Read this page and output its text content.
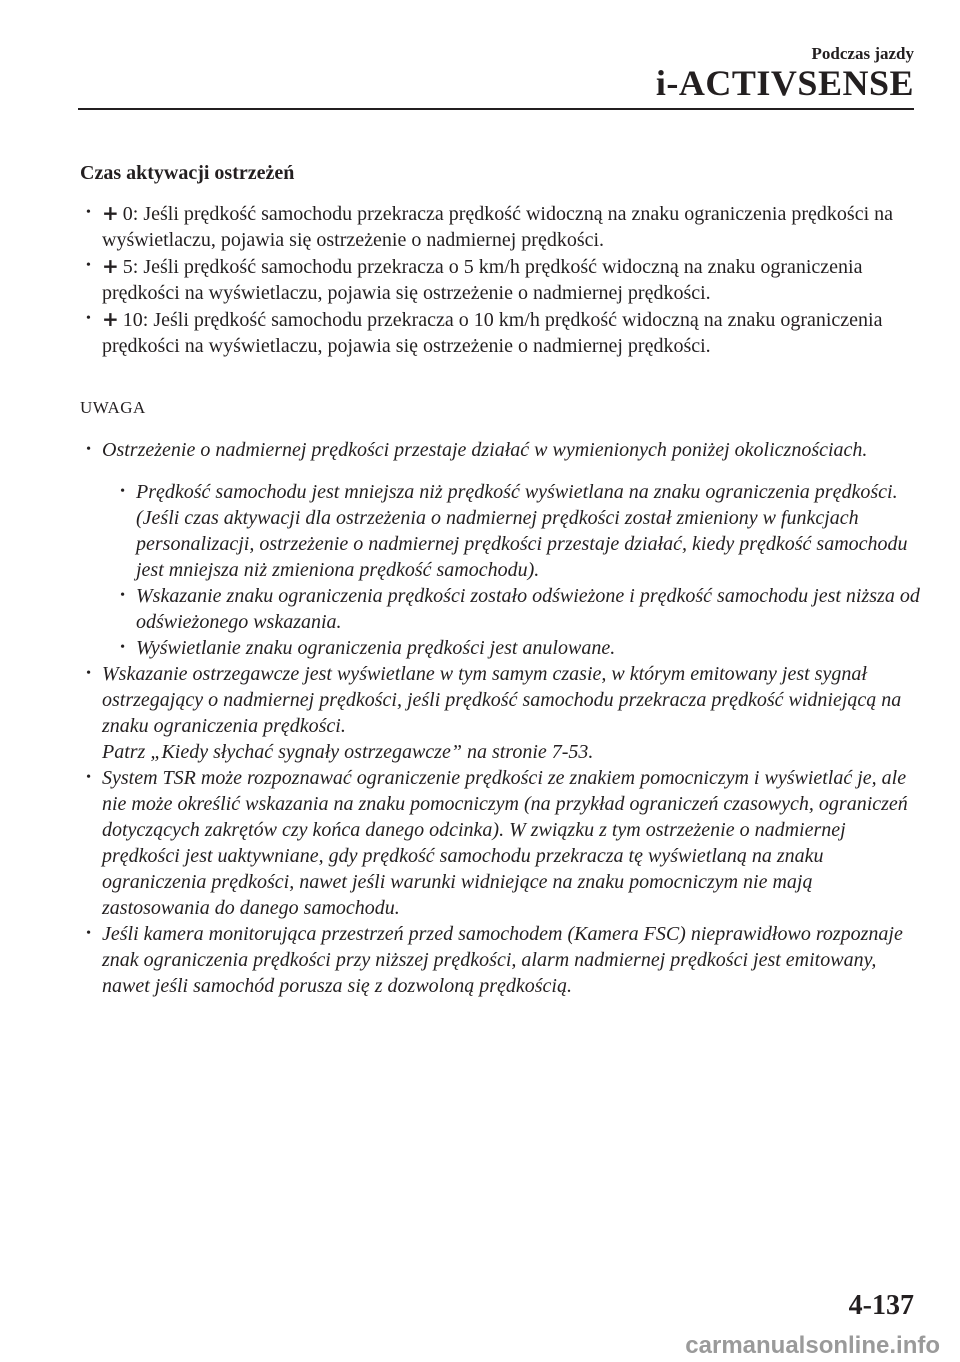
Podczas jazdy
i-ACTIVSENSE
Czas aktywacji ostrzeżeń
• + 0: Jeśli prędkość samochodu przekracza prędkość widoczną na znaku ograniczenia prędkości na wyświetlaczu, pojawia się ostrzeżenie o nadmiernej prędkości.
• + 5: Jeśli prędkość samochodu przekracza o 5 km/h prędkość widoczną na znaku ograniczenia prędkości na wyświetlaczu, pojawia się ostrzeżenie o nadmiernej prędkości.
• + 10: Jeśli prędkość samochodu przekracza o 10 km/h prędkość widoczną na znaku ograniczenia prędkości na wyświetlaczu, pojawia się ostrzeżenie o nadmiernej prędkości.
UWAGA
• Ostrzeżenie o nadmiernej prędkości przestaje działać w wymienionych poniżej okolicznościach.
• Prędkość samochodu jest mniejsza niż prędkość wyświetlana na znaku ograniczenia prędkości. (Jeśli czas aktywacji dla ostrzeżenia o nadmiernej prędkości został zmieniony w funkcjach personalizacji, ostrzeżenie o nadmiernej prędkości przestaje działać, kiedy prędkość samochodu jest mniejsza niż zmieniona prędkość samochodu).
• Wskazanie znaku ograniczenia prędkości zostało odświeżone i prędkość samochodu jest niższa od odświeżonego wskazania.
• Wyświetlanie znaku ograniczenia prędkości jest anulowane.
• Wskazanie ostrzegawcze jest wyświetlane w tym samym czasie, w którym emitowany jest sygnał ostrzegający o nadmiernej prędkości, jeśli prędkość samochodu przekracza prędkość widniejącą na znaku ograniczenia prędkości.
Patrz „Kiedy słychać sygnały ostrzegawcze” na stronie 7-53.
• System TSR może rozpoznawać ograniczenie prędkości ze znakiem pomocniczym i wyświetlać je, ale nie może określić wskazania na znaku pomocniczym (na przykład ograniczeń czasowych, ograniczeń dotyczących zakrętów czy końca danego odcinka). W związku z tym ostrzeżenie o nadmiernej prędkości jest uaktywniane, gdy prędkość samochodu przekracza tę wyświetlaną na znaku ograniczenia prędkości, nawet jeśli warunki widniejące na znaku pomocniczym nie mają zastosowania do danego samochodu.
• Jeśli kamera monitorująca przestrzeń przed samochodem (Kamera FSC) nieprawidłowo rozpoznaje znak ograniczenia prędkości przy niższej prędkości, alarm nadmiernej prędkości jest emitowany, nawet jeśli samochód porusza się z dozwoloną prędkością.
4-137
carmanualsonline.info
